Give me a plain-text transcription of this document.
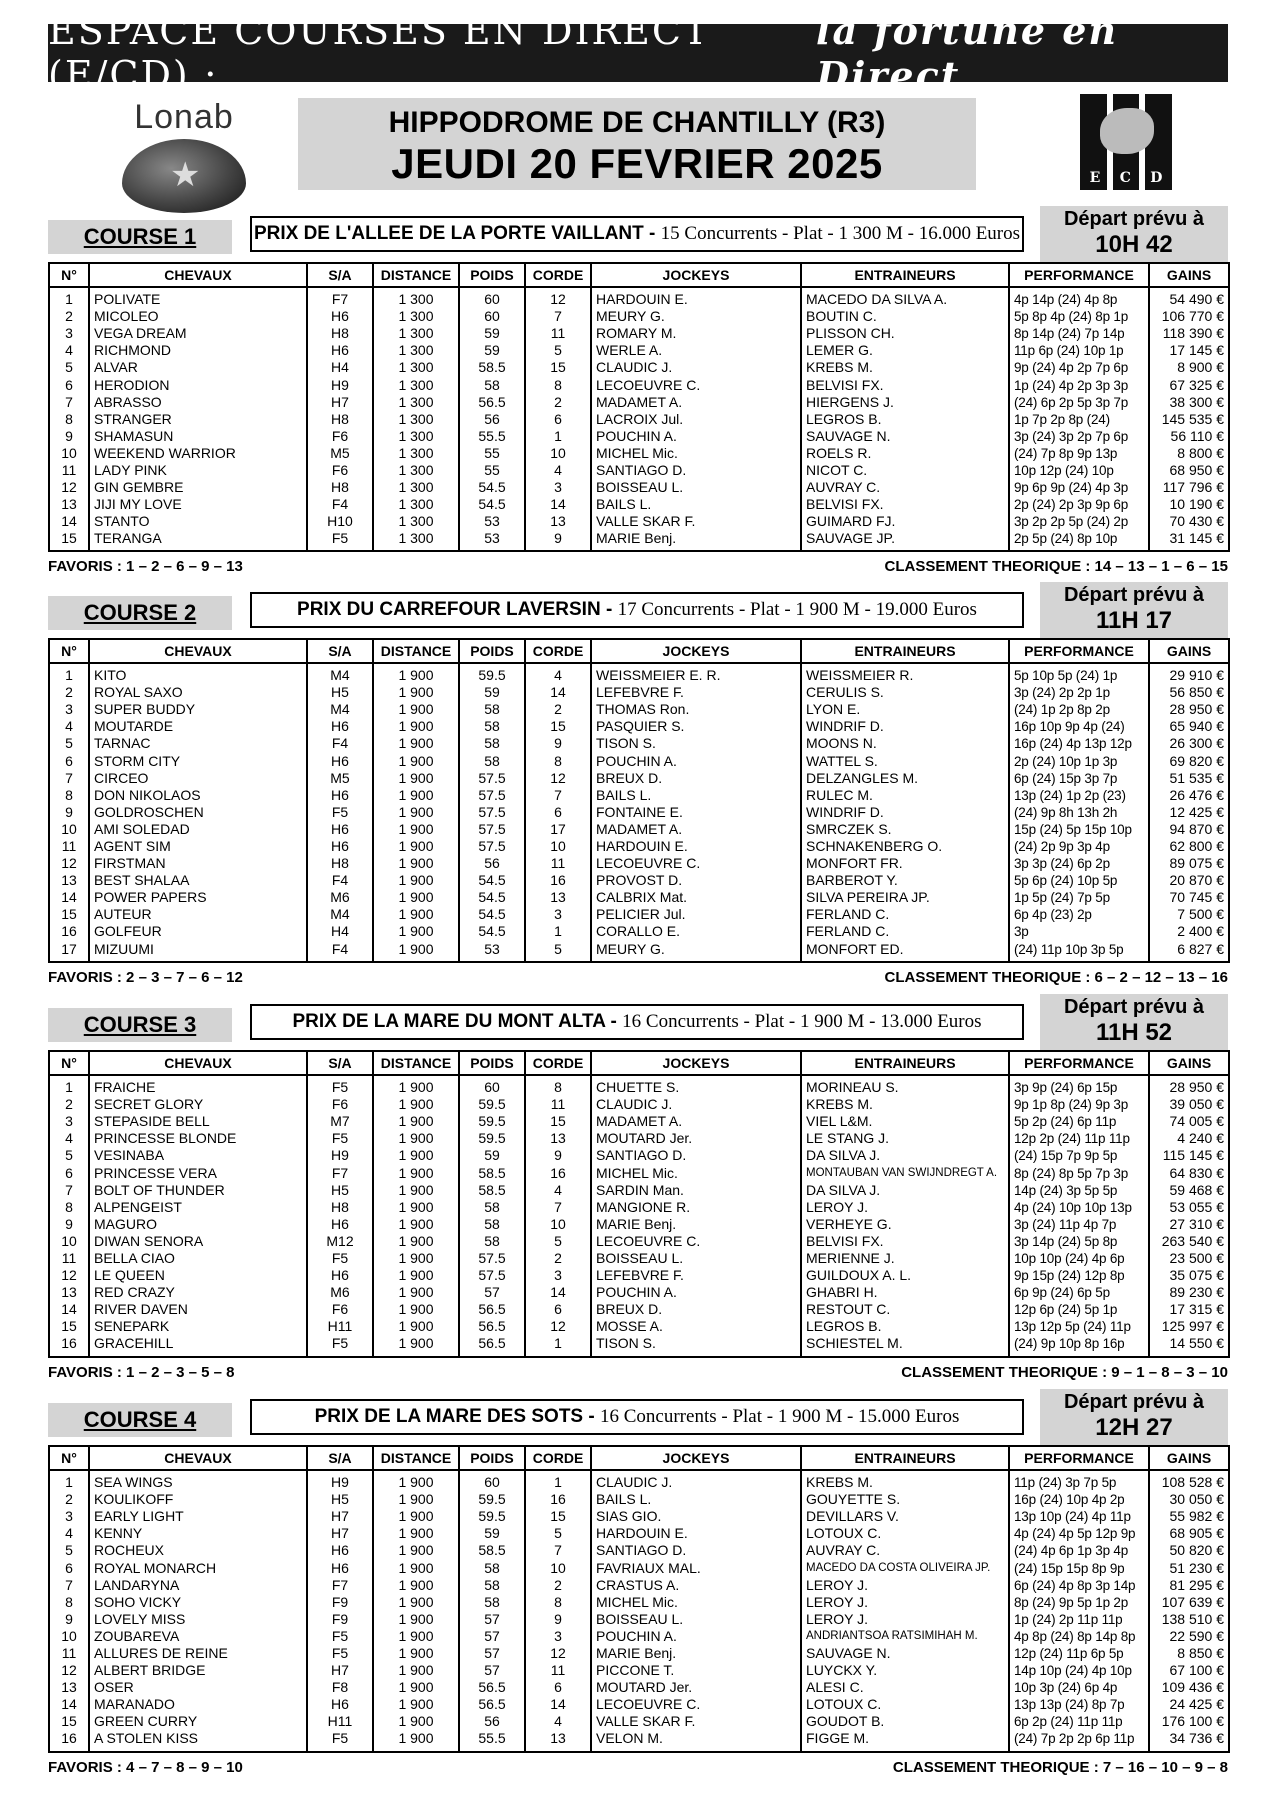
ESPACE COURSES EN DIRECT (E/CD) :
la fortune en Direct
Lonab
★
HIPPODROME DE CHANTILLY (R3)
JEUDI 20 FEVRIER 2025	E C D
COURSE 1	PRIX DE L'ALLEE DE LA PORTE VAILLANT - 15 Concurrents - Plat - 1 300 M - 16.000 Euros
Départ prévu à
10H 42
N°	CHEVAUX	S/A	DISTANCE	POIDS	CORDE	JOCKEYS	ENTRAINEURS	PERFORMANCE	GAINS
1	POLIVATE	F7	1 300	60	12	HARDOUIN E.	MACEDO DA SILVA A.	4p 14p (24) 4p 8p	54 490 €
2	MICOLEO	H6	1 300	60	7	MEURY G.	BOUTIN C.	5p 8p 4p (24) 8p 1p	106 770 €
3	VEGA DREAM	H8	1 300	59	11	ROMARY M.	PLISSON CH.	8p 14p (24) 7p 14p	118 390 €
4	RICHMOND	H6	1 300	59	5	WERLE A.	LEMER G.	11p 6p (24) 10p 1p	17 145 €
5	ALVAR	H4	1 300	58.5	15	CLAUDIC J.	KREBS M.	9p (24) 4p 2p 7p 6p	8 900 €
6	HERODION	H9	1 300	58	8	LECOEUVRE C.	BELVISI FX.	1p (24) 4p 2p 3p 3p	67 325 €
7	ABRASSO	H7	1 300	56.5	2	MADAMET A.	HIERGENS J.	(24) 6p 2p 5p 3p 7p	38 300 €
8	STRANGER	H8	1 300	56	6	LACROIX Jul.	LEGROS B.	1p 7p 2p 8p (24)	145 535 €
9	SHAMASUN	F6	1 300	55.5	1	POUCHIN A.	SAUVAGE N.	3p (24) 3p 2p 7p 6p	56 110 €
10	WEEKEND WARRIOR	M5	1 300	55	10	MICHEL Mic.	ROELS R.	(24) 7p 8p 9p 13p	8 800 €
11	LADY PINK	F6	1 300	55	4	SANTIAGO D.	NICOT C.	10p 12p (24) 10p	68 950 €
12	GIN GEMBRE	H8	1 300	54.5	3	BOISSEAU L.	AUVRAY C.	9p 6p 9p (24) 4p 3p	117 796 €
13	JIJI MY LOVE	F4	1 300	54.5	14	BAILS L.	BELVISI FX.	2p (24) 2p 3p 9p 6p	10 190 €
14	STANTO	H10	1 300	53	13	VALLE SKAR F.	GUIMARD FJ.	3p 2p 2p 5p (24) 2p	70 430 €
15	TERANGA	F5	1 300	53	9	MARIE Benj.	SAUVAGE JP.	2p 5p (24) 8p 10p	31 145 €
FAVORIS : 1 – 2 – 6 – 9 – 13	CLASSEMENT THEORIQUE : 14 – 13 – 1 – 6 – 15
COURSE 2	PRIX DU CARREFOUR LAVERSIN - 17 Concurrents - Plat - 1 900 M - 19.000 Euros
Départ prévu à
11H 17
N°	CHEVAUX	S/A	DISTANCE	POIDS	CORDE	JOCKEYS	ENTRAINEURS	PERFORMANCE	GAINS
1	KITO	M4	1 900	59.5	4	WEISSMEIER E. R.	WEISSMEIER R.	5p 10p 5p (24) 1p	29 910 €
2	ROYAL SAXO	H5	1 900	59	14	LEFEBVRE F.	CERULIS S.	3p (24) 2p 2p 1p	56 850 €
3	SUPER BUDDY	M4	1 900	58	2	THOMAS Ron.	LYON E.	(24) 1p 2p 8p 2p	28 950 €
4	MOUTARDE	H6	1 900	58	15	PASQUIER S.	WINDRIF D.	16p 10p 9p 4p (24)	65 940 €
5	TARNAC	F4	1 900	58	9	TISON S.	MOONS N.	16p (24) 4p 13p 12p	26 300 €
6	STORM CITY	H6	1 900	58	8	POUCHIN A.	WATTEL S.	2p (24) 10p 1p 3p	69 820 €
7	CIRCEO	M5	1 900	57.5	12	BREUX D.	DELZANGLES M.	6p (24) 15p 3p 7p	51 535 €
8	DON NIKOLAOS	H6	1 900	57.5	7	BAILS L.	RULEC M.	13p (24) 1p 2p (23)	26 476 €
9	GOLDROSCHEN	F5	1 900	57.5	6	FONTAINE E.	WINDRIF D.	(24) 9p 8h 13h 2h	12 425 €
10	AMI SOLEDAD	H6	1 900	57.5	17	MADAMET A.	SMRCZEK S.	15p (24) 5p 15p 10p	94 870 €
11	AGENT SIM	H6	1 900	57.5	10	HARDOUIN E.	SCHNAKENBERG O.	(24) 2p 9p 3p 4p	62 800 €
12	FIRSTMAN	H8	1 900	56	11	LECOEUVRE C.	MONFORT FR.	3p 3p (24) 6p 2p	89 075 €
13	BEST SHALAA	F4	1 900	54.5	16	PROVOST D.	BARBEROT Y.	5p 6p (24) 10p 5p	20 870 €
14	POWER PAPERS	M6	1 900	54.5	13	CALBRIX Mat.	SILVA PEREIRA JP.	1p 5p (24) 7p 5p	70 745 €
15	AUTEUR	M4	1 900	54.5	3	PELICIER Jul.	FERLAND C.	6p 4p (23) 2p	7 500 €
16	GOLFEUR	H4	1 900	54.5	1	CORALLO E.	FERLAND C.	3p	2 400 €
17	MIZUUMI	F4	1 900	53	5	MEURY G.	MONFORT ED.	(24) 11p 10p 3p 5p	6 827 €
FAVORIS : 2 – 3 – 7 – 6 – 12	CLASSEMENT THEORIQUE : 6 – 2 – 12 – 13 – 16
COURSE 3	PRIX DE LA MARE DU MONT ALTA - 16 Concurrents - Plat - 1 900 M - 13.000 Euros
Départ prévu à
11H 52
N°	CHEVAUX	S/A	DISTANCE	POIDS	CORDE	JOCKEYS	ENTRAINEURS	PERFORMANCE	GAINS
1	FRAICHE	F5	1 900	60	8	CHUETTE S.	MORINEAU S.	3p 9p (24) 6p 15p	28 950 €
2	SECRET GLORY	F6	1 900	59.5	11	CLAUDIC J.	KREBS M.	9p 1p 8p (24) 9p 3p	39 050 €
3	STEPASIDE BELL	M7	1 900	59.5	15	MADAMET A.	VIEL L&M.	5p 2p (24) 6p 11p	74 005 €
4	PRINCESSE BLONDE	F5	1 900	59.5	13	MOUTARD Jer.	LE STANG J.	12p 2p (24) 11p 11p	4 240 €
5	VESINABA	H9	1 900	59	9	SANTIAGO D.	DA SILVA J.	(24) 15p 7p 9p 5p	115 145 €
6	PRINCESSE VERA	F7	1 900	58.5	16	MICHEL Mic.	MONTAUBAN VAN SWIJNDREGT A.	8p (24) 8p 5p 7p 3p	64 830 €
7	BOLT OF THUNDER	H5	1 900	58.5	4	SARDIN Man.	DA SILVA J.	14p (24) 3p 5p 5p	59 468 €
8	ALPENGEIST	H8	1 900	58	7	MANGIONE R.	LEROY J.	4p (24) 10p 10p 13p	53 055 €
9	MAGURO	H6	1 900	58	10	MARIE Benj.	VERHEYE G.	3p (24) 11p 4p 7p	27 310 €
10	DIWAN SENORA	M12	1 900	58	5	LECOEUVRE C.	BELVISI FX.	3p 14p (24) 5p 8p	263 540 €
11	BELLA CIAO	F5	1 900	57.5	2	BOISSEAU L.	MERIENNE J.	10p 10p (24) 4p 6p	23 500 €
12	LE QUEEN	H6	1 900	57.5	3	LEFEBVRE F.	GUILDOUX A. L.	9p 15p (24) 12p 8p	35 075 €
13	RED CRAZY	M6	1 900	57	14	POUCHIN A.	GHABRI H.	6p 9p (24) 6p 5p	89 230 €
14	RIVER DAVEN	F6	1 900	56.5	6	BREUX D.	RESTOUT C.	12p 6p (24) 5p 1p	17 315 €
15	SENEPARK	H11	1 900	56.5	12	MOSSE A.	LEGROS B.	13p 12p 5p (24) 11p	125 997 €
16	GRACEHILL	F5	1 900	56.5	1	TISON S.	SCHIESTEL M.	(24) 9p 10p 8p 16p	14 550 €
FAVORIS : 1 – 2 – 3 – 5 – 8	CLASSEMENT THEORIQUE : 9 – 1 – 8 – 3 – 10
COURSE 4	PRIX DE LA MARE DES SOTS - 16 Concurrents - Plat - 1 900 M - 15.000 Euros
Départ prévu à
12H 27
N°	CHEVAUX	S/A	DISTANCE	POIDS	CORDE	JOCKEYS	ENTRAINEURS	PERFORMANCE	GAINS
1	SEA WINGS	H9	1 900	60	1	CLAUDIC J.	KREBS M.	11p (24) 3p 7p 5p	108 528 €
2	KOULIKOFF	H5	1 900	59.5	16	BAILS L.	GOUYETTE S.	16p (24) 10p 4p 2p	30 050 €
3	EARLY LIGHT	H7	1 900	59.5	15	SIAS GIO.	DEVILLARS V.	13p 10p (24) 4p 11p	55 982 €
4	KENNY	H7	1 900	59	5	HARDOUIN E.	LOTOUX C.	4p (24) 4p 5p 12p 9p	68 905 €
5	ROCHEUX	H6	1 900	58.5	7	SANTIAGO D.	AUVRAY C.	(24) 4p 6p 1p 3p 4p	50 820 €
6	ROYAL MONARCH	H6	1 900	58	10	FAVRIAUX MAL.	MACEDO DA COSTA OLIVEIRA JP.	(24) 15p 15p 8p 9p	51 230 €
7	LANDARYNA	F7	1 900	58	2	CRASTUS A.	LEROY J.	6p (24) 4p 8p 3p 14p	81 295 €
8	SOHO VICKY	F9	1 900	58	8	MICHEL Mic.	LEROY J.	8p (24) 9p 5p 1p 2p	107 639 €
9	LOVELY MISS	F9	1 900	57	9	BOISSEAU L.	LEROY J.	1p (24) 2p 11p 11p	138 510 €
10	ZOUBAREVA	F5	1 900	57	3	POUCHIN A.	ANDRIANTSOA RATSIMIHAH M.	4p 8p (24) 8p 14p 8p	22 590 €
11	ALLURES DE REINE	F5	1 900	57	12	MARIE Benj.	SAUVAGE N.	12p (24) 11p 6p 5p	8 850 €
12	ALBERT BRIDGE	H7	1 900	57	11	PICCONE T.	LUYCKX Y.	14p 10p (24) 4p 10p	67 100 €
13	OSER	F8	1 900	56.5	6	MOUTARD Jer.	ALESI C.	10p 3p (24) 6p 4p	109 436 €
14	MARANADO	H6	1 900	56.5	14	LECOEUVRE C.	LOTOUX C.	13p 13p (24) 8p 7p	24 425 €
15	GREEN CURRY	H11	1 900	56	4	VALLE SKAR F.	GOUDOT B.	6p 2p (24) 11p 11p	176 100 €
16	A STOLEN KISS	F5	1 900	55.5	13	VELON M.	FIGGE M.	(24) 7p 2p 2p 6p 11p	34 736 €
FAVORIS : 4 – 7 – 8 – 9 – 10	CLASSEMENT THEORIQUE : 7 – 16 – 10 – 9 – 8
